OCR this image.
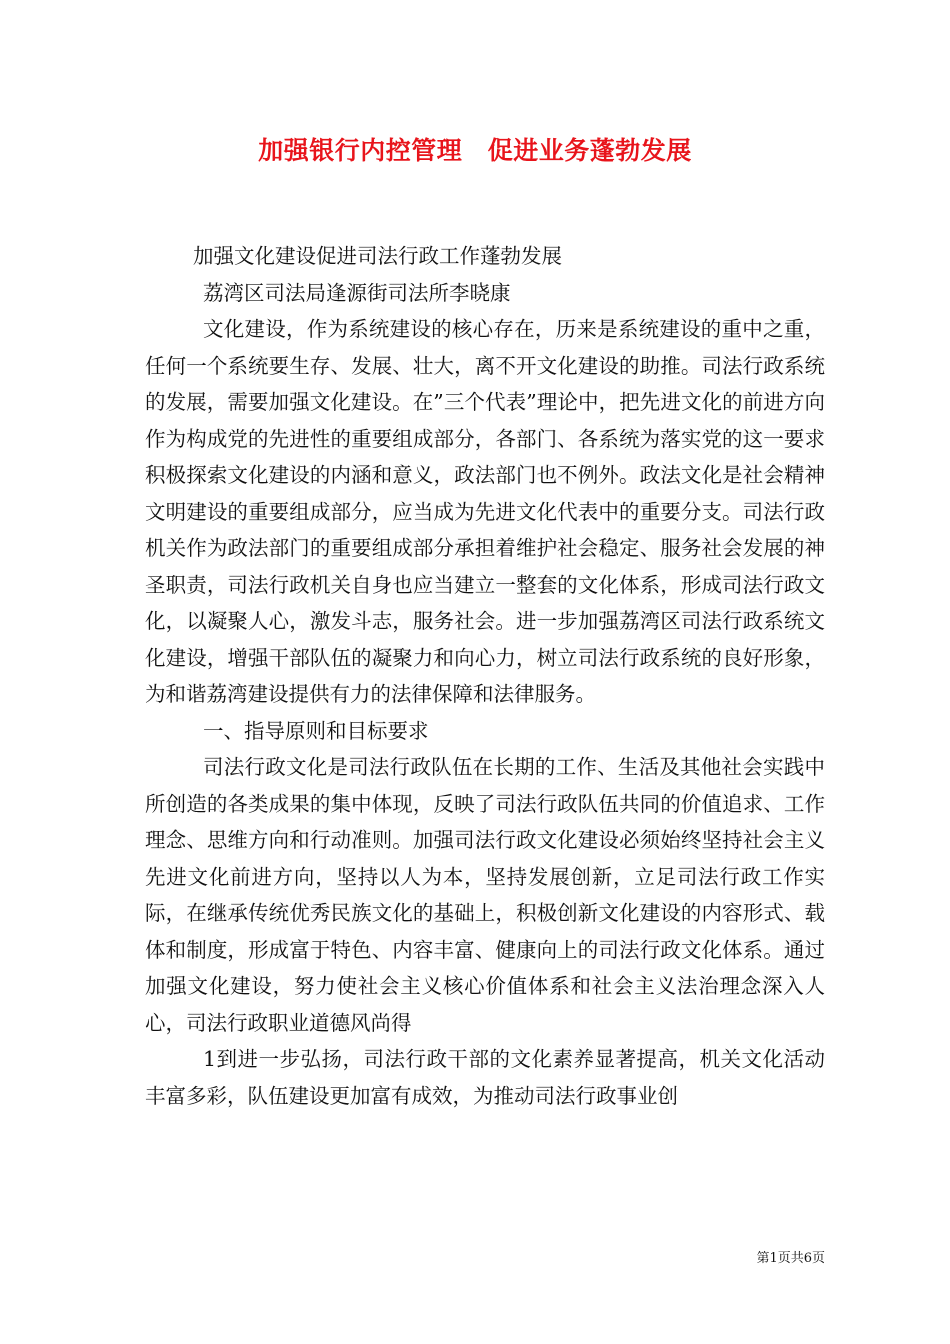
加强银行内控管理　促进业务蓬勃发展

加强文化建设促进司法行政工作蓬勃发展

荔湾区司法局逢源街司法所李晓康

文化建设，作为系统建设的核心存在，历来是系统建设的重中之重，任何一个系统要生存、发展、壮大，离不开文化建设的助推。司法行政系统的发展，需要加强文化建设。在”三个代表”理论中，把先进文化的前进方向作为构成党的先进性的重要组成部分，各部门、各系统为落实党的这一要求积极探索文化建设的内涵和意义，政法部门也不例外。政法文化是社会精神文明建设的重要组成部分，应当成为先进文化代表中的重要分支。司法行政机关作为政法部门的重要组成部分承担着维护社会稳定、服务社会发展的神圣职责，司法行政机关自身也应当建立一整套的文化体系，形成司法行政文化，以凝聚人心，激发斗志，服务社会。进一步加强荔湾区司法行政系统文化建设，增强干部队伍的凝聚力和向心力，树立司法行政系统的良好形象，为和谐荔湾建设提供有力的法律保障和法律服务。

一、指导原则和目标要求

司法行政文化是司法行政队伍在长期的工作、生活及其他社会实践中所创造的各类成果的集中体现，反映了司法行政队伍共同的价值追求、工作理念、思维方向和行动准则。加强司法行政文化建设必须始终坚持社会主义先进文化前进方向，坚持以人为本，坚持发展创新，立足司法行政工作实际，在继承传统优秀民族文化的基础上，积极创新文化建设的内容形式、载体和制度，形成富于特色、内容丰富、健康向上的司法行政文化体系。通过加强文化建设，努力使社会主义核心价值体系和社会主义法治理念深入人心，司法行政职业道德风尚得

1到进一步弘扬，司法行政干部的文化素养显著提高，机关文化活动丰富多彩，队伍建设更加富有成效，为推动司法行政事业创

第1页共6页
